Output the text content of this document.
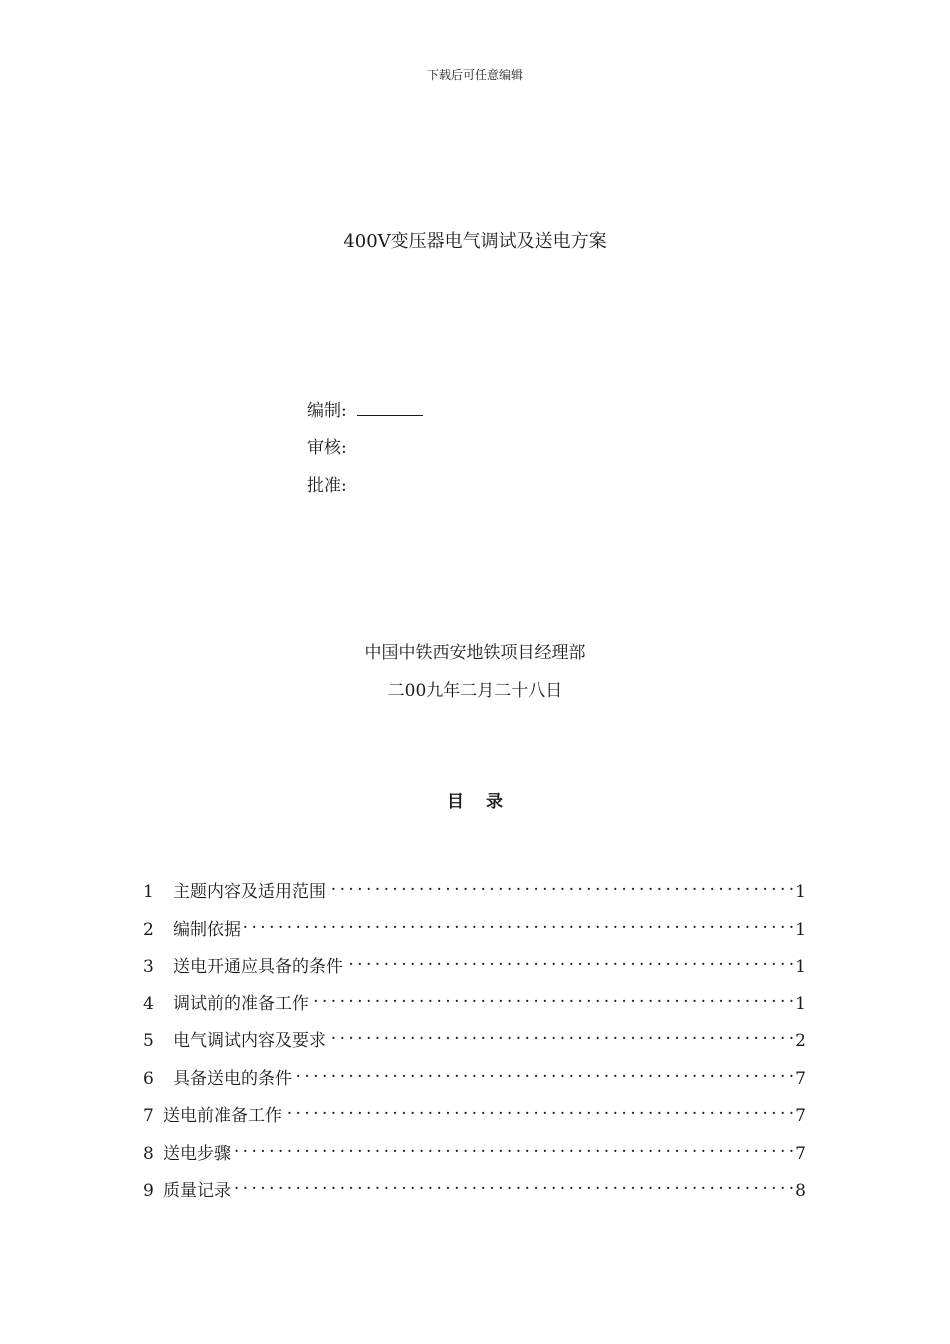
下载后可任意编辑
400V变压器电气调试及送电方案
编制:
审核:
批准:
中国中铁西安地铁项目经理部
二00九年二月二十八日
目 录
1	主题内容及适用范围 . . .	1
2	编制依据 . . .	1
3	送电开通应具备的条件 . . .	1
4	调试前的准备工作 . . .	1
5	电气调试内容及要求 . . .	2
6	具备送电的条件 . . .	7
7 送电前准备工作 . . .	7
8 送电步骤 . . .	7
9 质量记录 . . .	8
